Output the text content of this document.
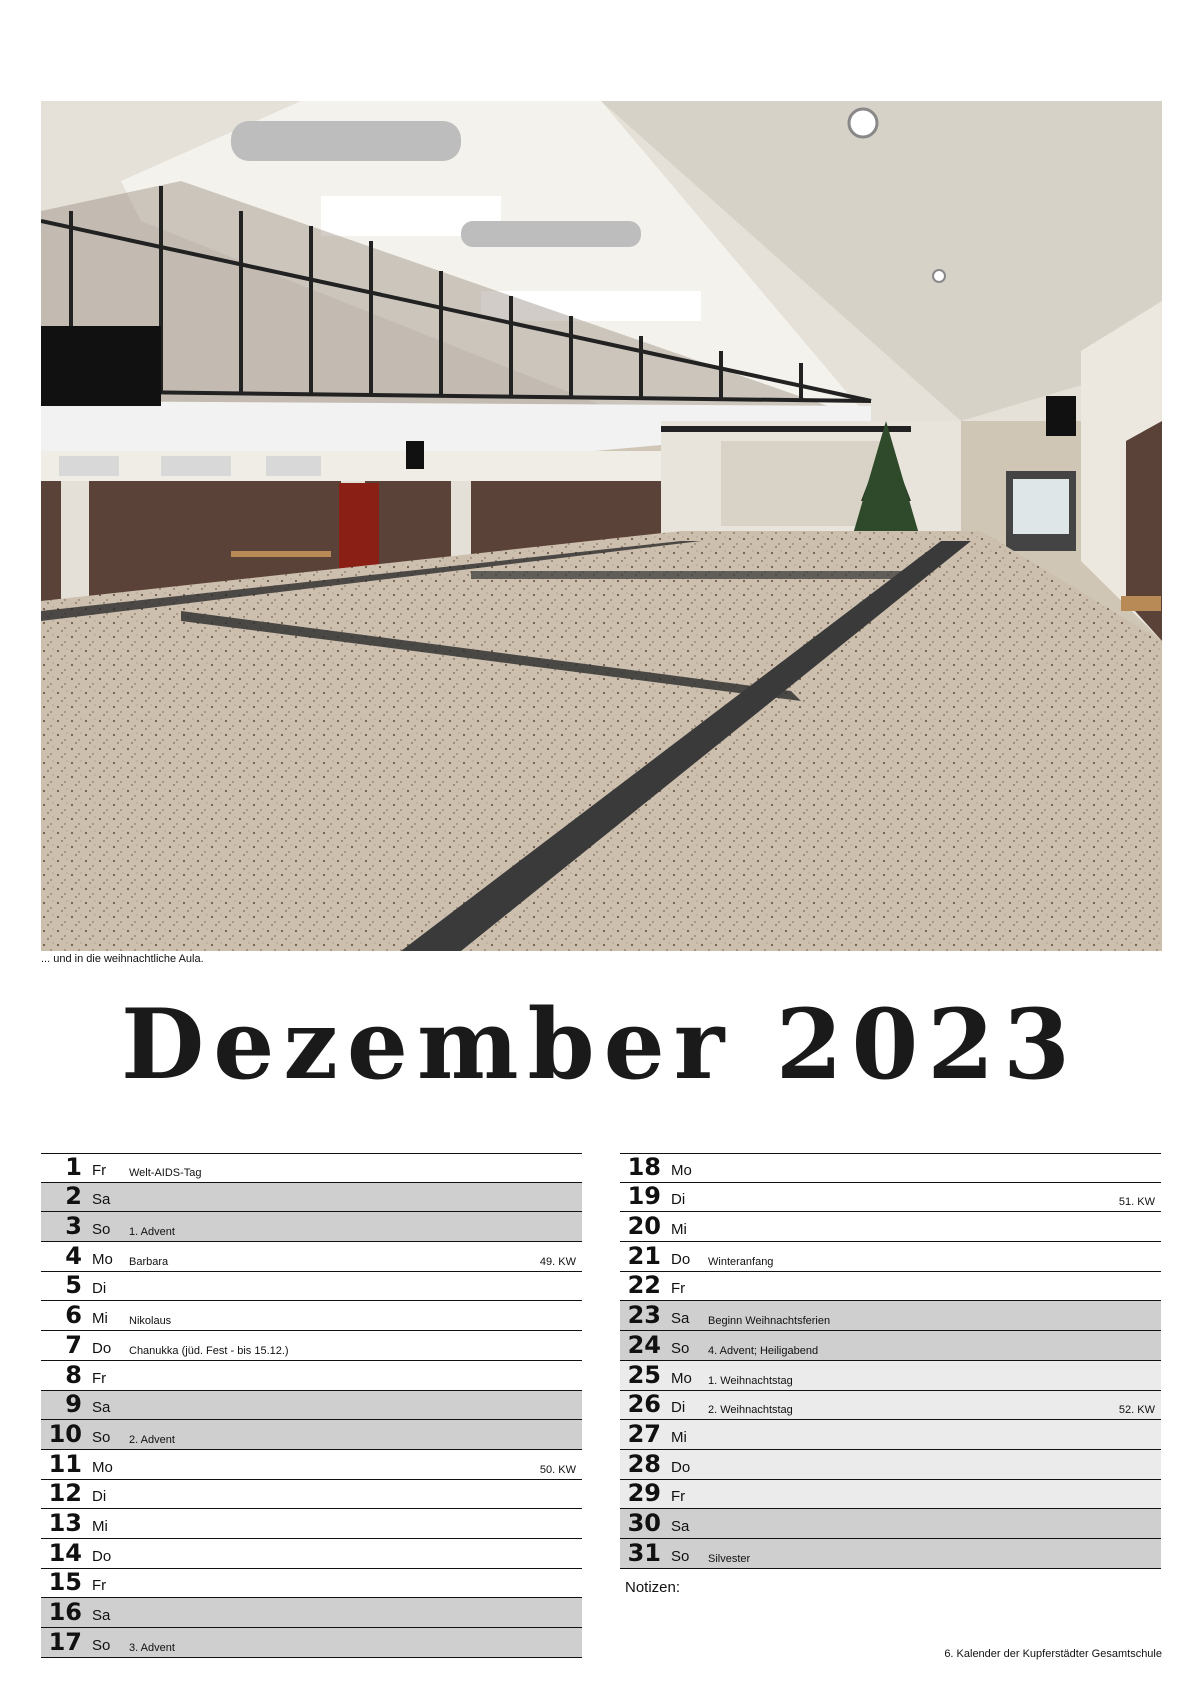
... und in die weihnachtliche Aula.
Dezember 2023
1 Fr Welt-AIDS-Tag
2 Sa
3 So 1. Advent
4 Mo Barbara	49. KW
5 Di
6 Mi Nikolaus
7 Do Chanukka (jüd. Fest - bis 15.12.)
8 Fr
9 Sa
10 So 2. Advent
11 Mo	50. KW
12 Di
13 Mi
14 Do
15 Fr
16 Sa
17 So 3. Advent
18 Mo
19 Di	51. KW
20 Mi
21 Do Winteranfang
22 Fr
23 Sa Beginn Weihnachtsferien
24 So 4. Advent; Heiligabend
25 Mo 1. Weihnachtstag
26 Di 2. Weihnachtstag	52. KW
27 Mi
28 Do
29 Fr
30 Sa
31 So Silvester
Notizen:
6. Kalender der Kupferstädter Gesamtschule
